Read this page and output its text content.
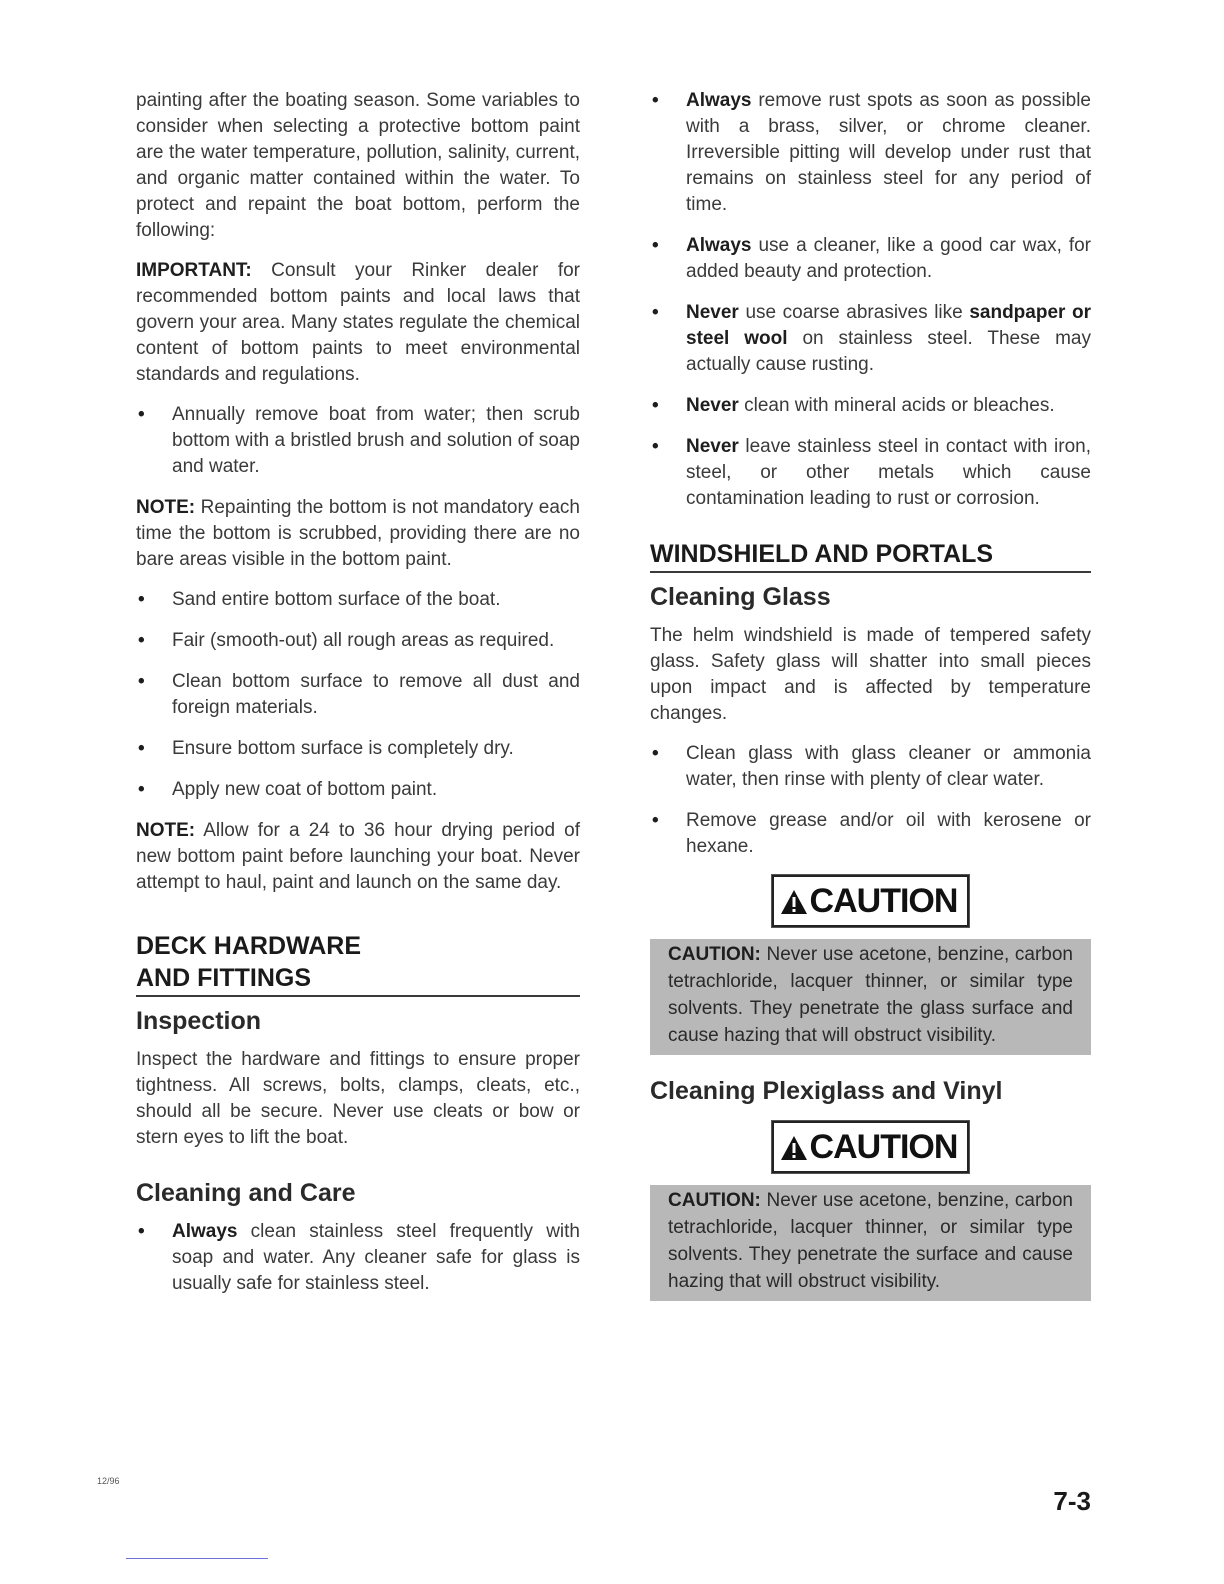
painting after the boating season. Some variables to consider when selecting a protective bottom paint are the water temperature, pollution, salinity, current, and organic matter contained within the water. To protect and repaint the boat bottom, perform the following:

IMPORTANT: Consult your Rinker dealer for recommended bottom paints and local laws that govern your area. Many states regulate the chemical content of bottom paints to meet environmental standards and regulations.

• Annually remove boat from water; then scrub bottom with a bristled brush and solution of soap and water.

NOTE: Repainting the bottom is not mandatory each time the bottom is scrubbed, providing there are no bare areas visible in the bottom paint.

• Sand entire bottom surface of the boat.
• Fair (smooth-out) all rough areas as required.
• Clean bottom surface to remove all dust and foreign materials.
• Ensure bottom surface is completely dry.
• Apply new coat of bottom paint.

NOTE: Allow for a 24 to 36 hour drying period of new bottom paint before launching your boat. Never attempt to haul, paint and launch on the same day.

DECK HARDWARE
AND FITTINGS
Inspection

Inspect the hardware and fittings to ensure proper tightness. All screws, bolts, clamps, cleats, etc., should all be secure. Never use cleats or bow or stern eyes to lift the boat.

Cleaning and Care
• Always clean stainless steel frequently with soap and water. Any cleaner safe for glass is usually safe for stainless steel.
• Always remove rust spots as soon as possible with a brass, silver, or chrome cleaner. Irreversible pitting will develop under rust that remains on stainless steel for any period of time.
• Always use a cleaner, like a good car wax, for added beauty and protection.
• Never use coarse abrasives like sandpaper or steel wool on stainless steel. These may actually cause rusting.
• Never clean with mineral acids or bleaches.
• Never leave stainless steel in contact with iron, steel, or other metals which cause contamination leading to rust or corrosion.
WINDSHIELD AND PORTALS
Cleaning Glass

The helm windshield is made of tempered safety glass. Safety glass will shatter into small pieces upon impact and is affected by temperature changes.

• Clean glass with glass cleaner or ammonia water, then rinse with plenty of clear water.
• Remove grease and/or oil with kerosene or hexane.
CAUTION
CAUTION: Never use acetone, benzine, carbon tetrachloride, lacquer thinner, or similar type solvents. They penetrate the glass surface and cause hazing that will obstruct visibility.
Cleaning Plexiglass and Vinyl
CAUTION
CAUTION: Never use acetone, benzine, carbon tetrachloride, lacquer thinner, or similar type solvents. They penetrate the surface and cause hazing that will obstruct visibility.
12/96
7-3
